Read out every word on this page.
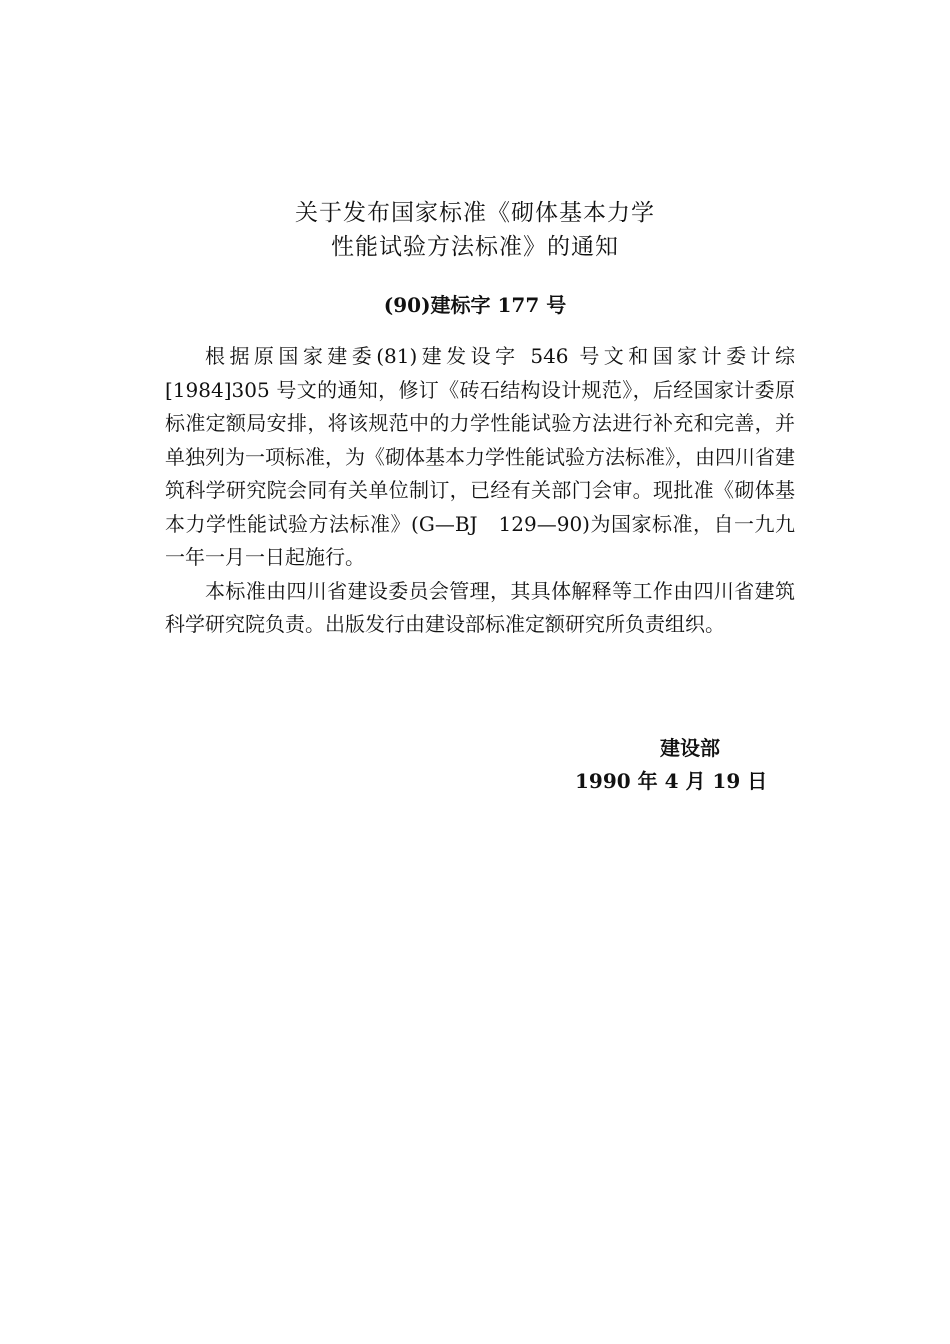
关于发布国家标准《砌体基本力学
性能试验方法标准》的通知
(90)建标字 177 号

根据原国家建委(81)建发设字 546 号文和国家计委计综[1984]305 号文的通知，修订《砖石结构设计规范》，后经国家计委原标准定额局安排，将该规范中的力学性能试验方法进行补充和完善，并单独列为一项标准，为《砌体基本力学性能试验方法标准》，由四川省建筑科学研究院会同有关单位制订，已经有关部门会审。现批准《砌体基本力学性能试验方法标准》(G—BJ　129—90)为国家标准，自一九九一年一月一日起施行。

本标准由四川省建设委员会管理，其具体解释等工作由四川省建筑科学研究院负责。出版发行由建设部标准定额研究所负责组织。

建设部
1990 年 4 月 19 日
